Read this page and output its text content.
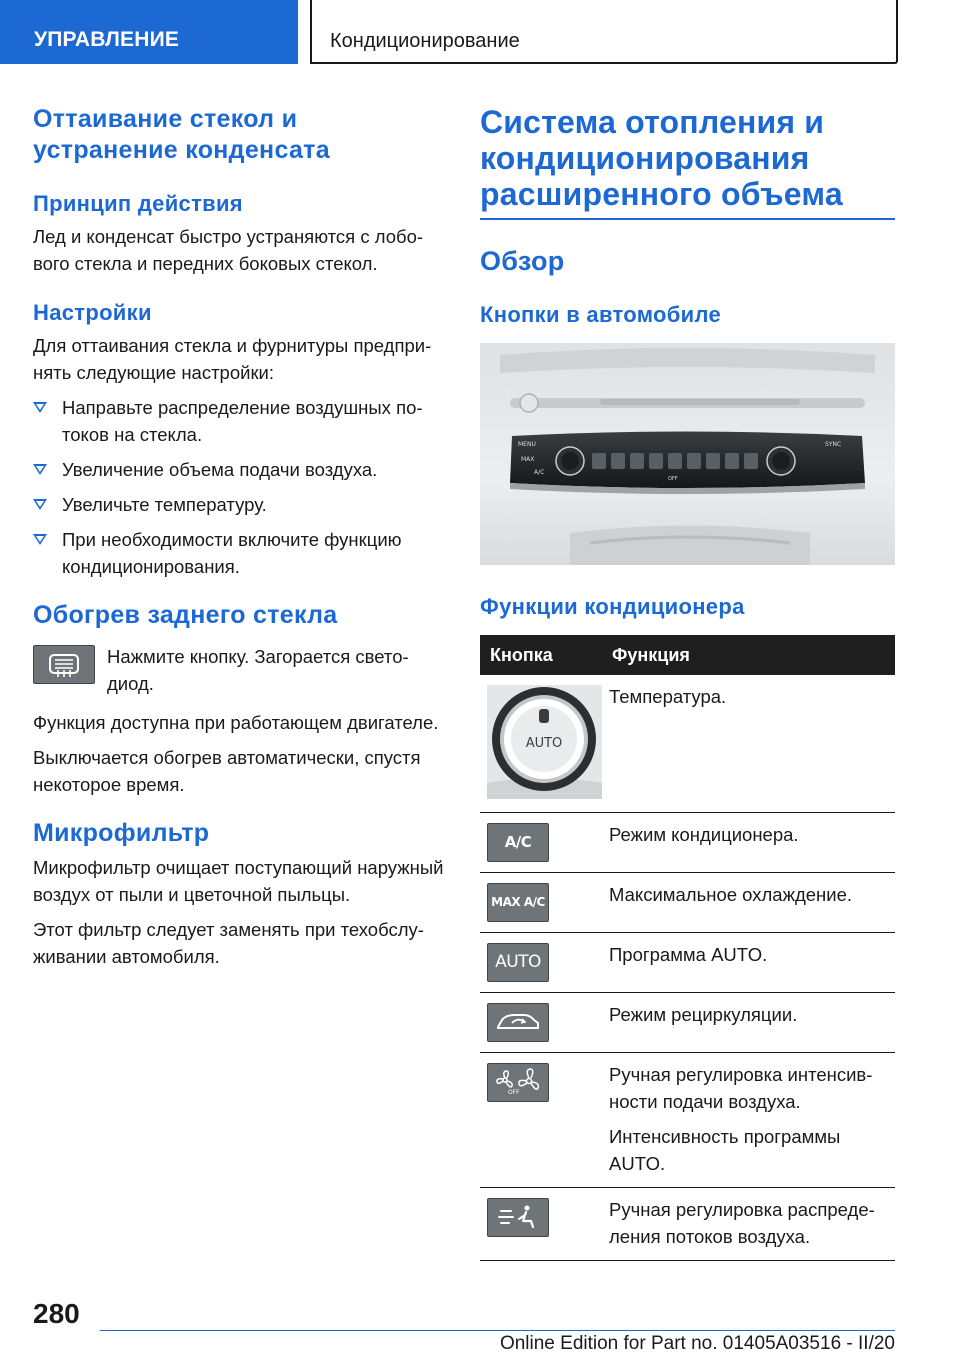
УПРАВЛЕНИЕ	Кондиционирование
Оттаивание стекол и устранение конденсата
Принцип действия

Лед и конденсат быстро устраняются с лобового стекла и передних боковых стекол.

Настройки

Для оттаивания стекла и фурнитуры предпринять следующие настройки:

Направьте распределение воздушных потоков на стекла.
Увеличение объема подачи воздуха.
Увеличьте температуру.
При необходимости включите функцию кондиционирования.
Обогрев заднего стекла

Нажмите кнопку. Загорается светодиод.

Функция доступна при работающем двигателе.

Выключается обогрев автоматически, спустя некоторое время.

Микрофильтр

Микрофильтр очищает поступающий наружный воздух от пыли и цветочной пыльцы.

Этот фильтр следует заменять при техобслуживании автомобиля.

Система отопления и кондиционирования расширенного объема
Обзор
Кнопки в автомобиле
MENU
MAX
A/C
OFF
SYNC
Функции кондиционера
Кнопка	Функция

AUTO	Температура.

A/C	Режим кондиционера.

MAX A/C	Максимальное охлаждение.

AUTO	Программа AUTO.

Режим рециркуляции.

OFF	Ручная регулировка интенсивности подачи воздуха.
Интенсивность программы AUTO.

Ручная регулировка распределения потоков воздуха.
280
Online Edition for Part no. 01405A03516 - II/20
